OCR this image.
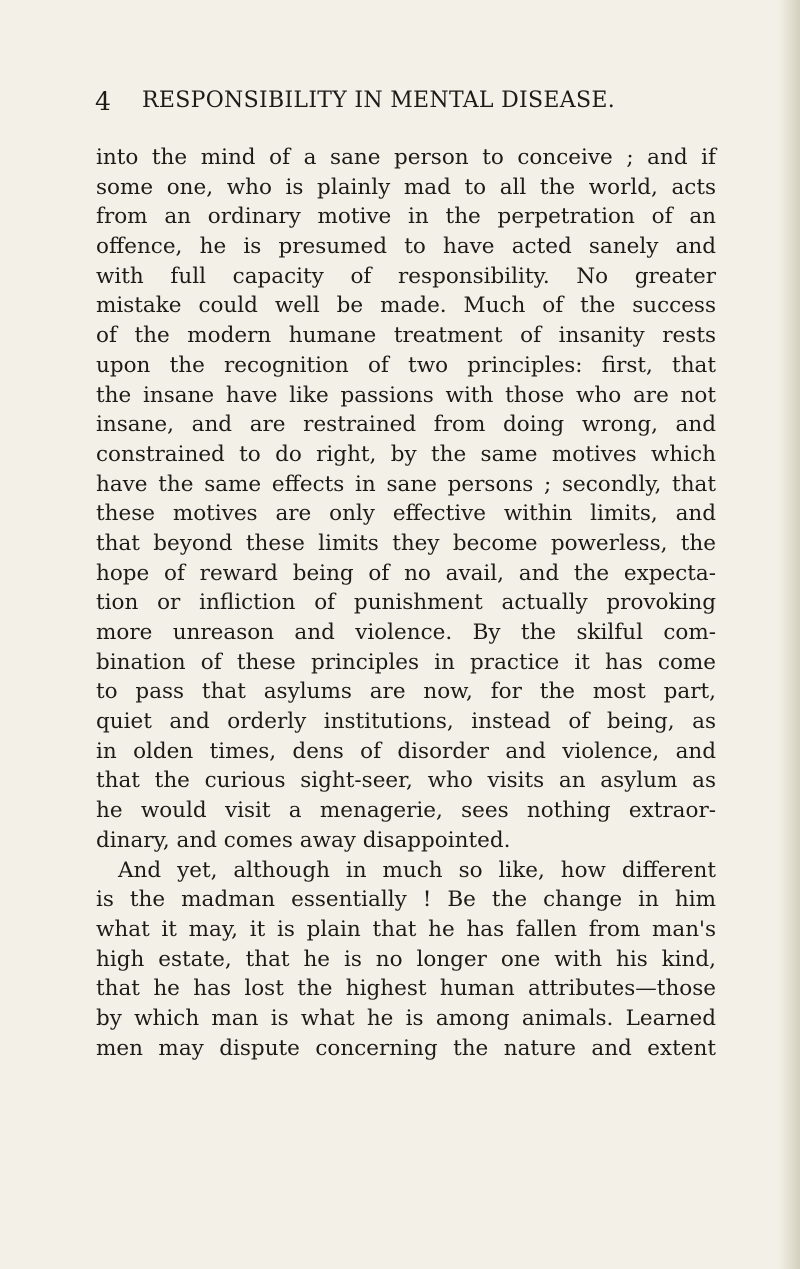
4 RESPONSIBILITY IN MENTAL DISEASE.
into the mind of a sane person to conceive ; and if
some one, who is plainly mad to all the world, acts
from an ordinary motive in the perpetration of an
offence, he is presumed to have acted sanely and
with full capacity of responsibility. No greater
mistake could well be made. Much of the success
of the modern humane treatment of insanity rests
upon the recognition of two principles: first, that
the insane have like passions with those who are not
insane, and are restrained from doing wrong, and
constrained to do right, by the same motives which
have the same effects in sane persons ; secondly, that
these motives are only effective within limits, and
that beyond these limits they become powerless, the
hope of reward being of no avail, and the expecta-
tion or infliction of punishment actually provoking
more unreason and violence. By the skilful com-
bination of these principles in practice it has come
to pass that asylums are now, for the most part,
quiet and orderly institutions, instead of being, as
in olden times, dens of disorder and violence, and
that the curious sight-seer, who visits an asylum as
he would visit a menagerie, sees nothing extraor-
dinary, and comes away disappointed.
And yet, although in much so like, how different
is the madman essentially ! Be the change in him
what it may, it is plain that he has fallen from man's
high estate, that he is no longer one with his kind,
that he has lost the highest human attributes—those
by which man is what he is among animals. Learned
men may dispute concerning the nature and extent
